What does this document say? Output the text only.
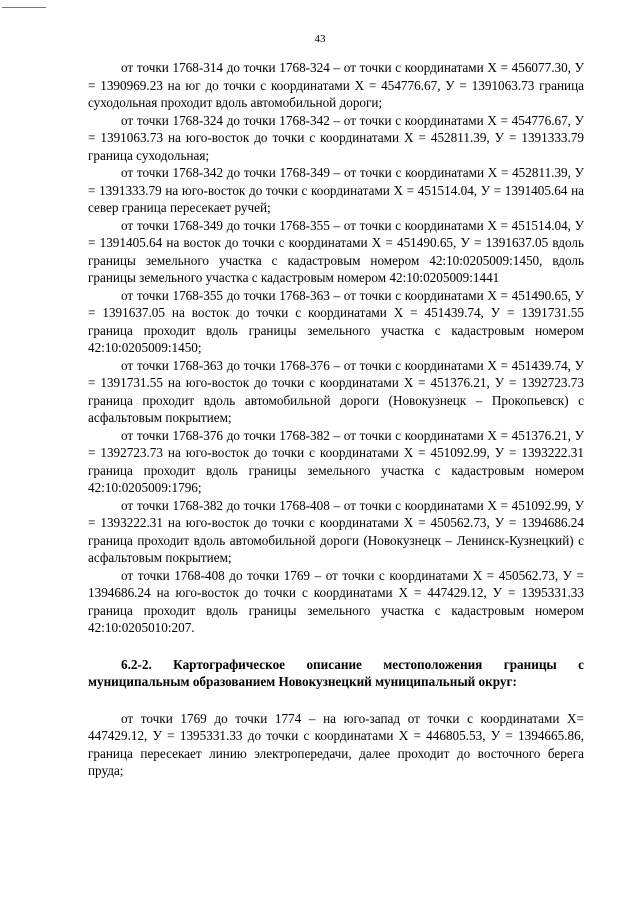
43

от точки 1768-314 до точки 1768-324 – от точки с координатами Х = 456077.30, У = 1390969.23 на юг до точки с координатами Х = 454776.67, У = 1391063.73 граница суходольная проходит вдоль автомобильной дороги;

от точки 1768-324 до точки 1768-342 – от точки с координатами Х = 454776.67, У = 1391063.73 на юго-восток до точки с координатами Х = 452811.39, У = 1391333.79 граница суходольная;

от точки 1768-342 до точки 1768-349 – от точки с координатами Х = 452811.39, У = 1391333.79 на юго-восток до точки с координатами Х = 451514.04, У = 1391405.64 на север граница пересекает ручей;

от точки 1768-349 до точки 1768-355 – от точки с координатами Х = 451514.04, У = 1391405.64 на восток до точки с координатами Х = 451490.65, У = 1391637.05 вдоль границы земельного участка с кадастровым номером 42:10:0205009:1450, вдоль границы земельного участка с кадастровым номером 42:10:0205009:1441

от точки 1768-355 до точки 1768-363 – от точки с координатами Х = 451490.65, У = 1391637.05 на восток до точки с координатами Х = 451439.74, У = 1391731.55 граница проходит вдоль границы земельного участка с кадастровым номером 42:10:0205009:1450;

от точки 1768-363 до точки 1768-376 – от точки с координатами Х = 451439.74, У = 1391731.55 на юго-восток до точки с координатами Х = 451376.21, У = 1392723.73 граница проходит вдоль автомобильной дороги (Новокузнецк – Прокопьевск) с асфальтовым покрытием;

от точки 1768-376 до точки 1768-382 – от точки с координатами Х = 451376.21, У = 1392723.73 на юго-восток до точки с координатами Х = 451092.99, У = 1393222.31 граница проходит вдоль границы земельного участка с кадастровым номером 42:10:0205009:1796;

от точки 1768-382 до точки 1768-408 – от точки с координатами Х = 451092.99, У = 1393222.31 на юго-восток до точки с координатами Х = 450562.73, У = 1394686.24 граница проходит вдоль автомобильной дороги (Новокузнецк – Ленинск-Кузнецкий) с асфальтовым покрытием;

от точки 1768-408 до точки 1769 – от точки с координатами Х = 450562.73, У = 1394686.24 на юго-восток до точки с координатами Х = 447429.12, У = 1395331.33 граница проходит вдоль границы земельного участка с кадастровым номером 42:10:0205010:207.

6.2-2. Картографическое описание местоположения границы с муниципальным образованием Новокузнецкий муниципальный округ:

от точки 1769 до точки 1774 – на юго-запад от точки с координатами Х= 447429.12, У = 1395331.33 до точки с координатами Х = 446805.53, У = 1394665.86, граница пересекает линию электропередачи, далее проходит до восточного берега пруда;
